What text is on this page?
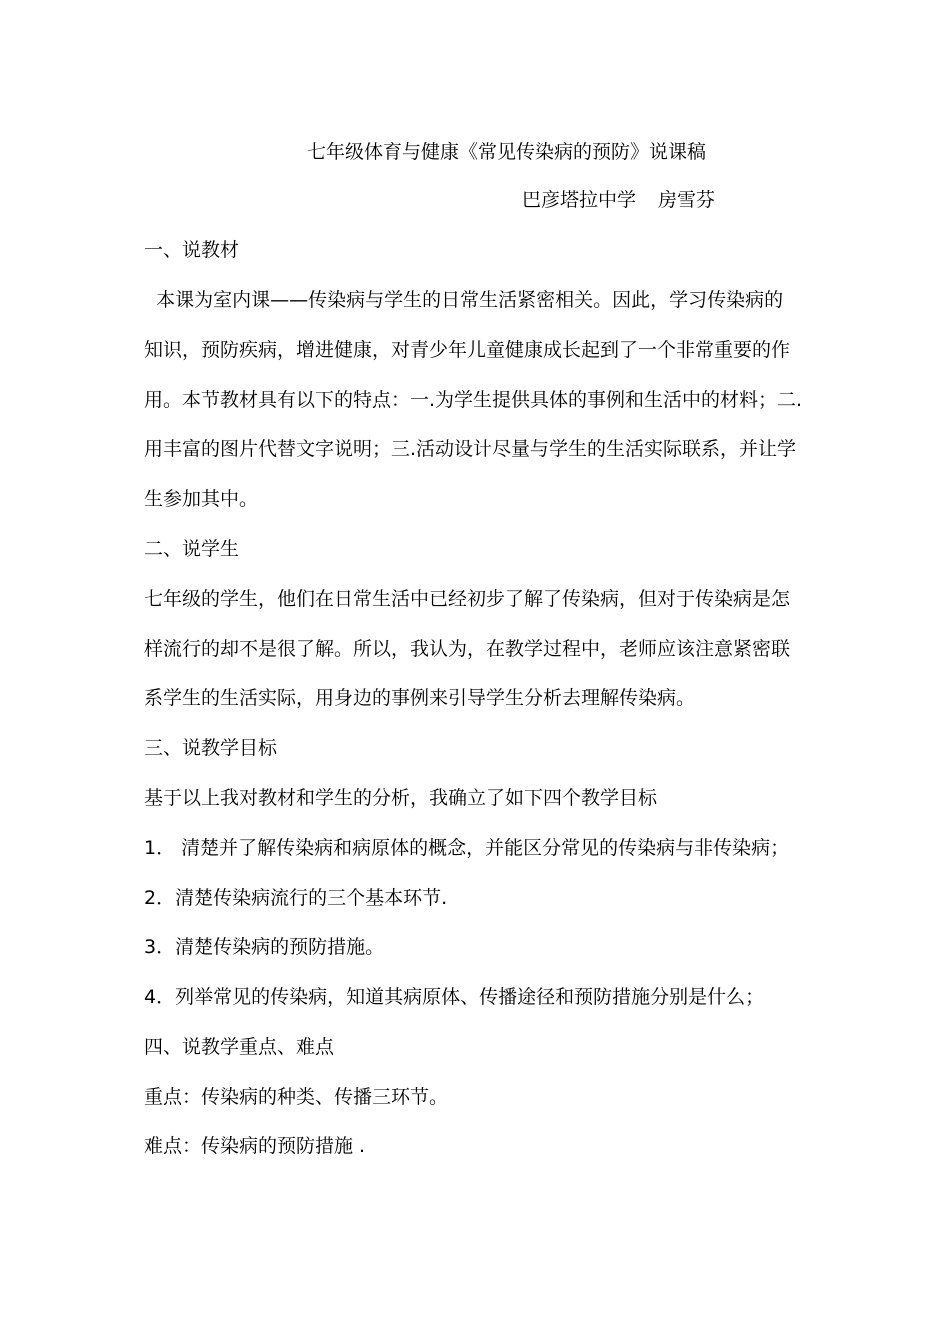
七年级体育与健康《常见传染病的预防》说课稿
巴彦塔拉中学 房雪芬
一、说教材
本课为室内课——传染病与学生的日常生活紧密相关。因此，学习传染病的
知识，预防疾病，增进健康，对青少年儿童健康成长起到了一个非常重要的作
用。本节教材具有以下的特点：一.为学生提供具体的事例和生活中的材料；二.
用丰富的图片代替文字说明；三.活动设计尽量与学生的生活实际联系，并让学
生参加其中。
二、说学生
七年级的学生，他们在日常生活中已经初步了解了传染病，但对于传染病是怎
样流行的却不是很了解。所以，我认为，在教学过程中，老师应该注意紧密联
系学生的生活实际，用身边的事例来引导学生分析去理解传染病。
三、说教学目标
基于以上我对教材和学生的分析，我确立了如下四个教学目标
1． 清楚并了解传染病和病原体的概念，并能区分常见的传染病与非传染病；
2．清楚传染病流行的三个基本环节.
3．清楚传染病的预防措施。
4．列举常见的传染病，知道其病原体、传播途径和预防措施分别是什么；
四、说教学重点、难点
重点：传染病的种类、传播三环节。
难点：传染病的预防措施 .
